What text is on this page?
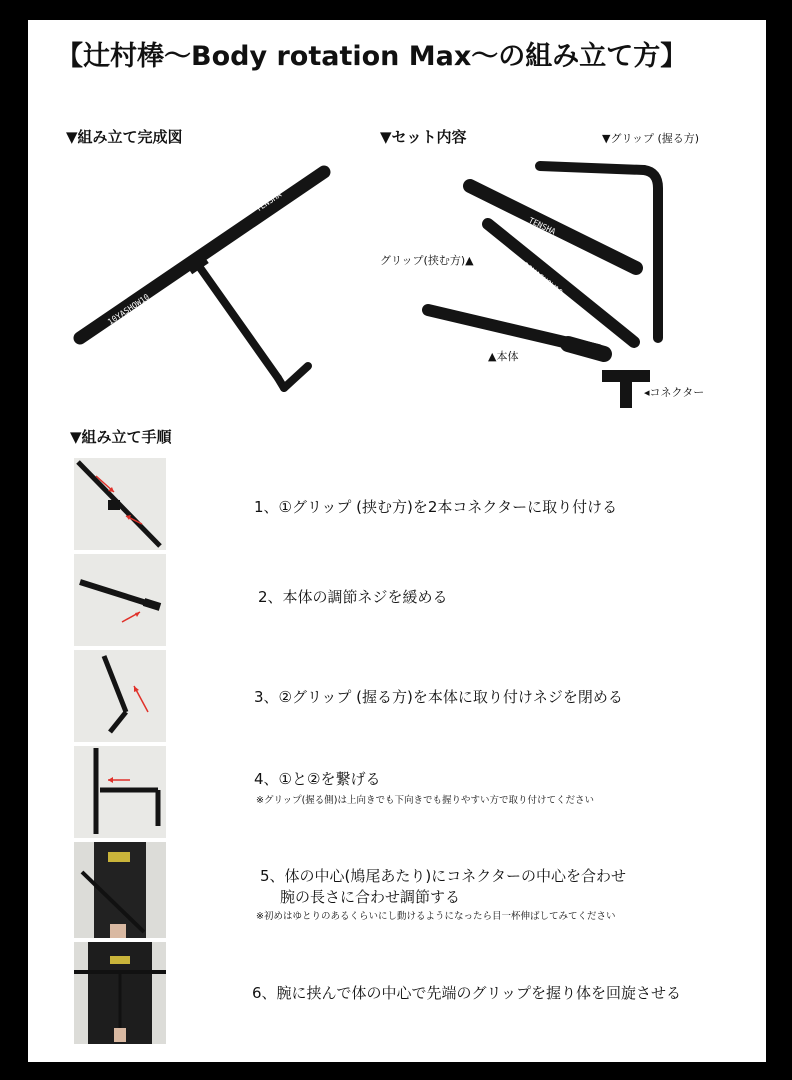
【辻村棒〜Body rotation Max〜の組み立て方】
▼組み立て完成図	▼セット内容
10YASHOW10
TENSHA
TENSHA
10YASHOW10
▼グリップ (握る方)
グリップ(挟む方)▲
▲本体
◂コネクター
▼組み立て手順
1、①グリップ (挟む方)を2本コネクターに取り付ける
2、本体の調節ネジを緩める
3、②グリップ (握る方)を本体に取り付けネジを閉める
4、①と②を繋げる
※グリップ(握る側)は上向きでも下向きでも握りやすい方で取り付けてください
5、体の中心(鳩尾あたり)にコネクターの中心を合わせ
腕の長さに合わせ調節する
※初めはゆとりのあるくらいにし動けるようになったら目一杯伸ばしてみてください
6、腕に挟んで体の中心で先端のグリップを握り体を回旋させる
